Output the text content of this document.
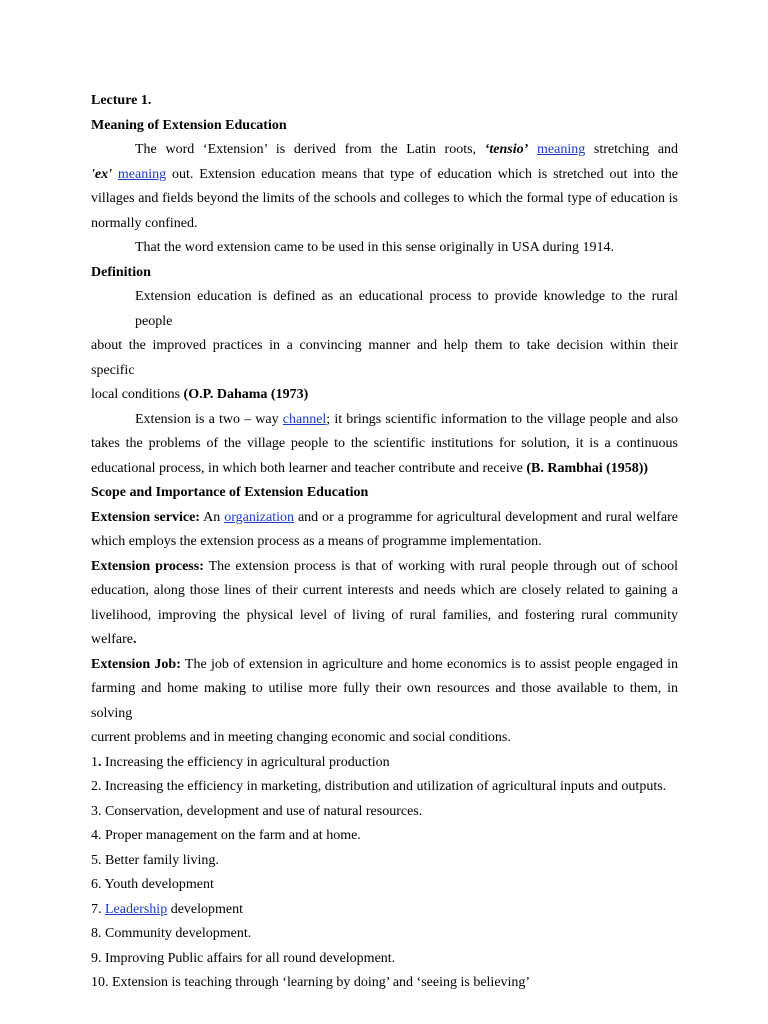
Lecture 1.
Meaning of Extension Education
The word ‘Extension’ is derived from the Latin roots, ‘tensio’ meaning stretching and
'ex' meaning out. Extension education means that type of education which is stretched out into the
villages and fields beyond the limits of the schools and colleges to which the formal type of education is
normally confined.
That the word extension came to be used in this sense originally in USA during 1914.
Definition
Extension education is defined as an educational process to provide knowledge to the rural people
about the improved practices in a convincing manner and help them to take decision within their specific
local conditions (O.P. Dahama (1973)
Extension is a two – way channel; it brings scientific information to the village people and also
takes the problems of the village people to the scientific institutions for solution, it is a continuous
educational process, in which both learner and teacher contribute and receive (B. Rambhai (1958))
Scope and Importance of Extension Education
Extension service: An organization and or a programme for agricultural development and rural welfare
which employs the extension process as a means of programme implementation.
Extension process: The extension process is that of working with rural people through out of school
education, along those lines of their current interests and needs which are closely related to gaining a
livelihood, improving the physical level of living of rural families, and fostering rural community welfare.
Extension Job: The job of extension in agriculture and home economics is to assist people engaged in
farming and home making to utilise more fully their own resources and those available to them, in solving
current problems and in meeting changing economic and social conditions.
1. Increasing the efficiency in agricultural production
2. Increasing the efficiency in marketing, distribution and utilization of agricultural inputs and outputs.
3. Conservation, development and use of natural resources.
4. Proper management on the farm and at home.
5. Better family living.
6. Youth development
7. Leadership development
8. Community development.
9. Improving Public affairs for all round development.
10. Extension is teaching through ‘learning by doing’ and ‘seeing is believing’
